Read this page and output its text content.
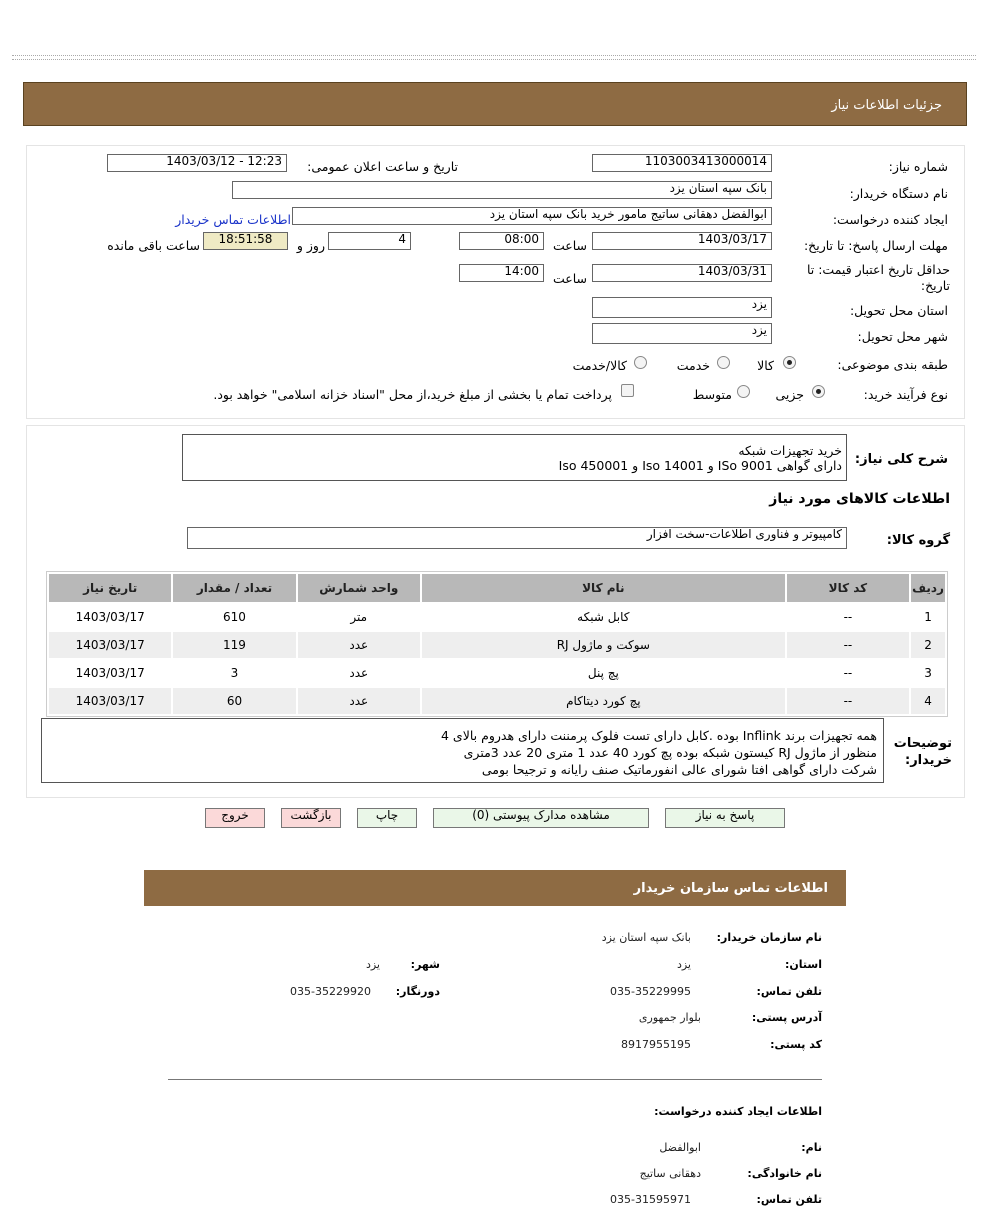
جزئیات اطلاعات نیاز
شماره نیاز:
1103003413000014
تاریخ و ساعت اعلان عمومی:
1403/03/12 - 12:23
نام دستگاه خریدار:
بانک سپه استان یزد
ایجاد کننده درخواست:
ابوالفضل دهقانی ساتیج مامور خرید بانک سپه استان یزد
اطلاعات تماس خریدار
مهلت ارسال پاسخ: تا تاریخ:
1403/03/17
ساعت
08:00
4
روز و
18:51:58
ساعت باقی مانده
حداقل تاریخ اعتبار قیمت: تا تاریخ:
1403/03/31
ساعت
14:00
استان محل تحویل:
یزد
شهر محل تحویل:
یزد
طبقه بندی موضوعی:
کالا
خدمت
کالا/خدمت
نوع فرآیند خرید:
جزیی
متوسط
پرداخت تمام یا بخشی از مبلغ خرید،از محل "اسناد خزانه اسلامی" خواهد بود.
شرح کلی نیاز:
خرید تجهیزات شبکه
دارای گواهی ISo 9001 و Iso 14001 و Iso 450001
اطلاعات کالاهای مورد نیاز
گروه کالا:
کامپیوتر و فناوری اطلاعات-سخت افزار
ردیف	کد کالا	نام کالا	واحد شمارش	تعداد / مقدار	تاریخ نیاز
1	--	کابل شبکه	متر	610	1403/03/17
2	--	سوکت و ماژول RJ	عدد	119	1403/03/17
3	--	پچ پنل	عدد	3	1403/03/17
4	--	پچ کورد دیتاکام	عدد	60	1403/03/17
توضیحات خریدار:
همه تجهیزات برند Inflink بوده .کابل دارای تست فلوک پرمننت دارای هدروم بالای 4
منظور از ماژول RJ کیستون شبکه بوده پچ کورد 40 عدد 1 متری 20 عدد 3متری
شرکت دارای گواهی افتا شورای عالی انفورماتیک صنف رایانه و ترجیحا بومی
پاسخ به نیاز
مشاهده مدارک پیوستی (0)
چاپ
بازگشت
خروج
اطلاعات تماس سازمان خریدار
نام سازمان خریدار:
بانک سپه استان یزد
استان:
یزد
شهر:
یزد
تلفن تماس:
035-35229995
دورنگار:
035-35229920
آدرس پستی:
بلوار جمهوری
کد پستی:
8917955195
اطلاعات ایجاد کننده درخواست:
نام:
ابوالفضل
نام خانوادگی:
دهقانی ساتیج
تلفن تماس:
035-31595971
